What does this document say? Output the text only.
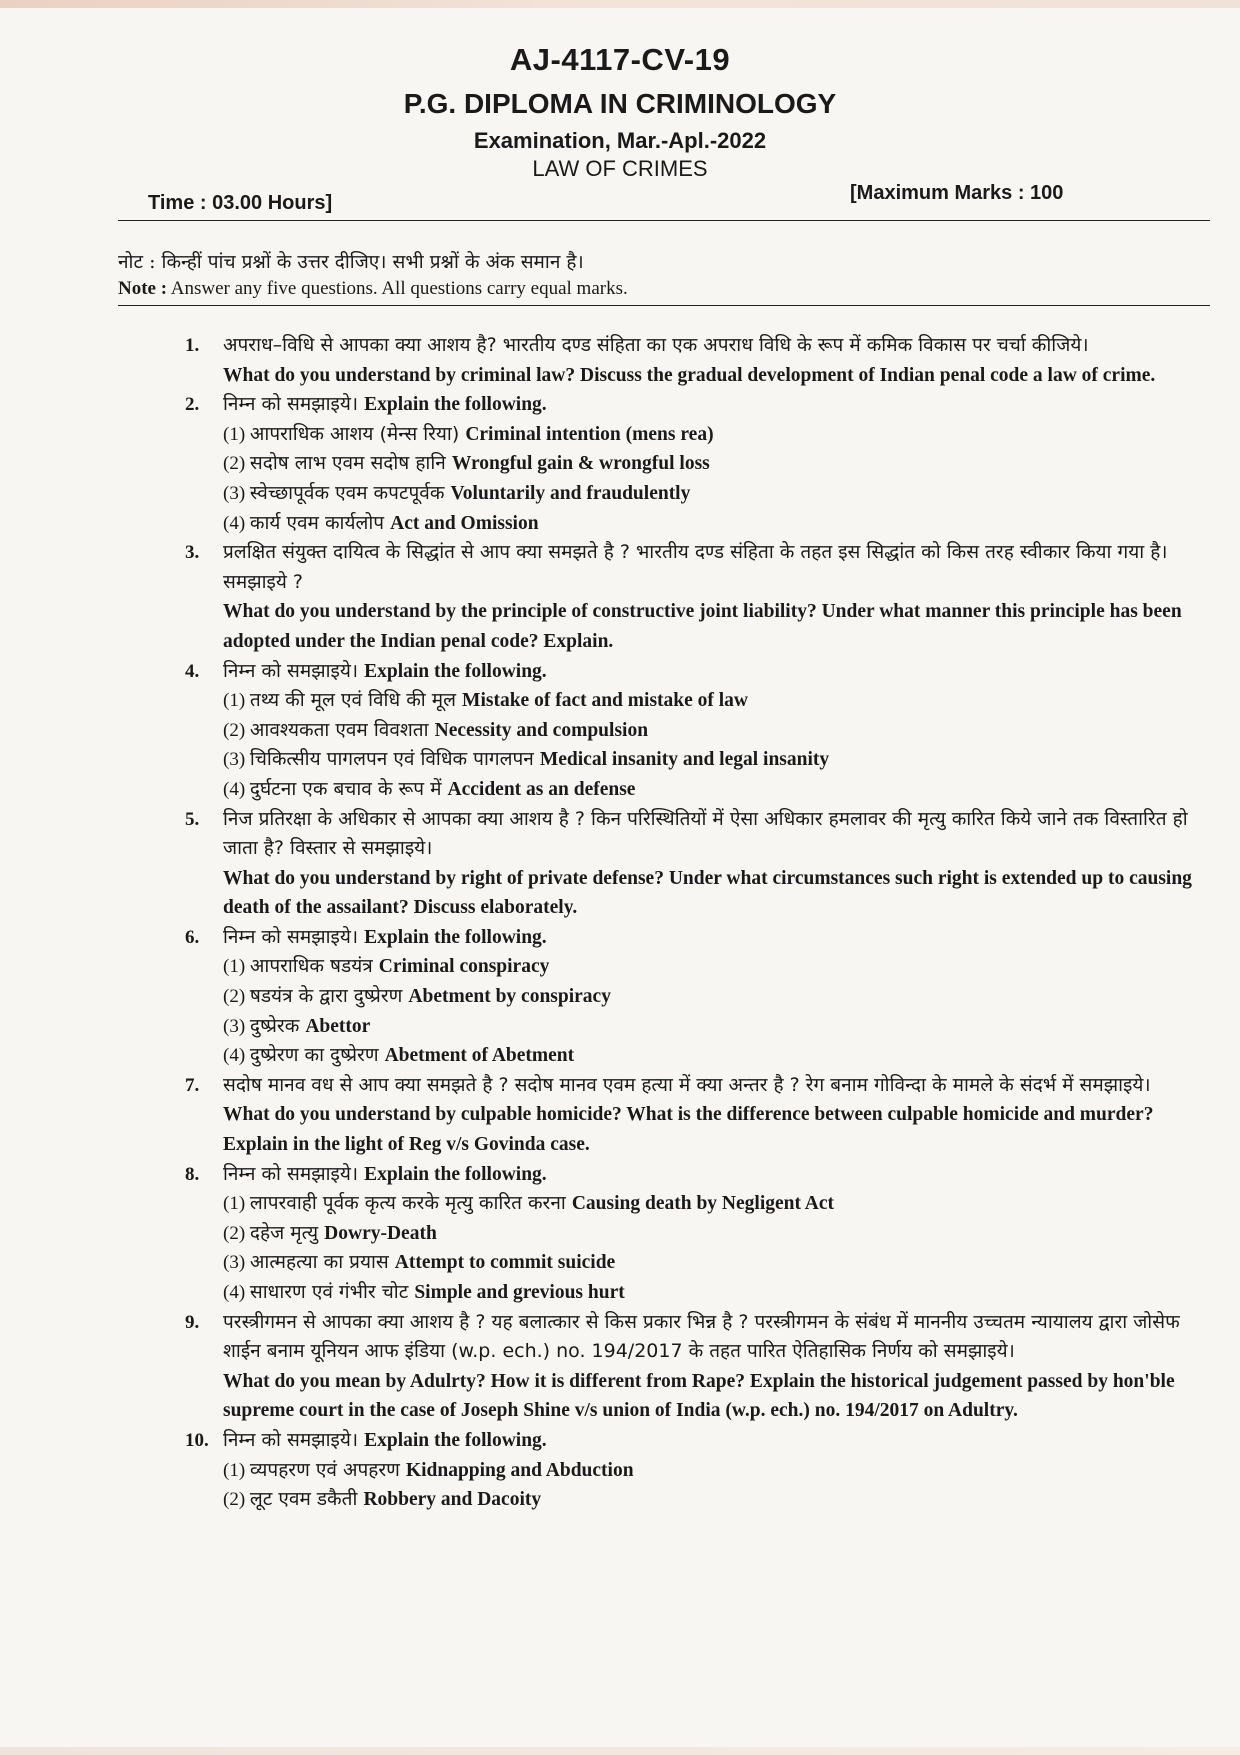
AJ-4117-CV-19
P.G. DIPLOMA IN CRIMINOLOGY
Examination, Mar.-Apl.-2022
LAW OF CRIMES
Time : 03.00 Hours]	[Maximum Marks : 100
नोट : किन्हीं पांच प्रश्नों के उत्तर दीजिए। सभी प्रश्नों के अंक समान है।
Note : Answer any five questions. All questions carry equal marks.
1. अपराध–विधि से आपका क्या आशय है? भारतीय दण्ड संहिता का एक अपराध विधि के रूप में कमिक विकास पर चर्चा कीजिये।
What do you understand by criminal law? Discuss the gradual development of Indian penal code a law of crime.
2. निम्न को समझाइये। Explain the following.
(1) आपराधिक आशय (मेन्स रिया) Criminal intention (mens rea)
(2) सदोष लाभ एवम सदोष हानि Wrongful gain & wrongful loss
(3) स्वेच्छापूर्वक एवम कपटपूर्वक Voluntarily and fraudulently
(4) कार्य एवम कार्यलोप Act and Omission
3. प्रलक्षित संयुक्त दायित्व के सिद्धांत से आप क्या समझते है ? भारतीय दण्ड संहिता के तहत इस सिद्धांत को किस तरह स्वीकार किया गया है। समझाइये ?
What do you understand by the principle of constructive joint liability? Under what manner this principle has been adopted under the Indian penal code? Explain.
4. निम्न को समझाइये। Explain the following.
(1) तथ्य की मूल एवं विधि की मूल Mistake of fact and mistake of law
(2) आवश्यकता एवम विवशता Necessity and compulsion
(3) चिकित्सीय पागलपन एवं विधिक पागलपन Medical insanity and legal insanity
(4) दुर्घटना एक बचाव के रूप में Accident as an defense
5. निज प्रतिरक्षा के अधिकार से आपका क्या आशय है ? किन परिस्थितियों में ऐसा अधिकार हमलावर की मृत्यु कारित किये जाने तक विस्तारित हो जाता है? विस्तार से समझाइये।
What do you understand by right of private defense? Under what circumstances such right is extended up to causing death of the assailant? Discuss elaborately.
6. निम्न को समझाइये। Explain the following.
(1) आपराधिक षडयंत्र Criminal conspiracy
(2) षडयंत्र के द्वारा दुष्प्रेरण Abetment by conspiracy
(3) दुष्प्रेरक Abettor
(4) दुष्प्रेरण का दुष्प्रेरण Abetment of Abetment
7. सदोष मानव वध से आप क्या समझते है ? सदोष मानव एवम हत्या में क्या अन्तर है ? रेग बनाम गोविन्दा के मामले के संदर्भ में समझाइये।
What do you understand by culpable homicide? What is the difference between culpable homicide and murder? Explain in the light of Reg v/s Govinda case.
8. निम्न को समझाइये। Explain the following.
(1) लापरवाही पूर्वक कृत्य करके मृत्यु कारित करना Causing death by Negligent Act
(2) दहेज मृत्यु Dowry-Death
(3) आत्महत्या का प्रयास Attempt to commit suicide
(4) साधारण एवं गंभीर चोट Simple and grevious hurt
9. परस्त्रीगमन से आपका क्या आशय है ? यह बलात्कार से किस प्रकार भिन्न है ? परस्त्रीगमन के संबंध में माननीय उच्चतम न्यायालय द्वारा जोसेफ शाईन बनाम यूनियन आफ इंडिया (w.p. ech.) no. 194/2017 के तहत पारित ऐतिहासिक निर्णय को समझाइये।
What do you mean by Adulrty? How it is different from Rape? Explain the historical judgement passed by hon'ble supreme court in the case of Joseph Shine v/s union of India (w.p. ech.) no. 194/2017 on Adultry.
10. निम्न को समझाइये। Explain the following.
(1) व्यपहरण एवं अपहरण Kidnapping and Abduction
(2) लूट एवम डकैती Robbery and Dacoity
